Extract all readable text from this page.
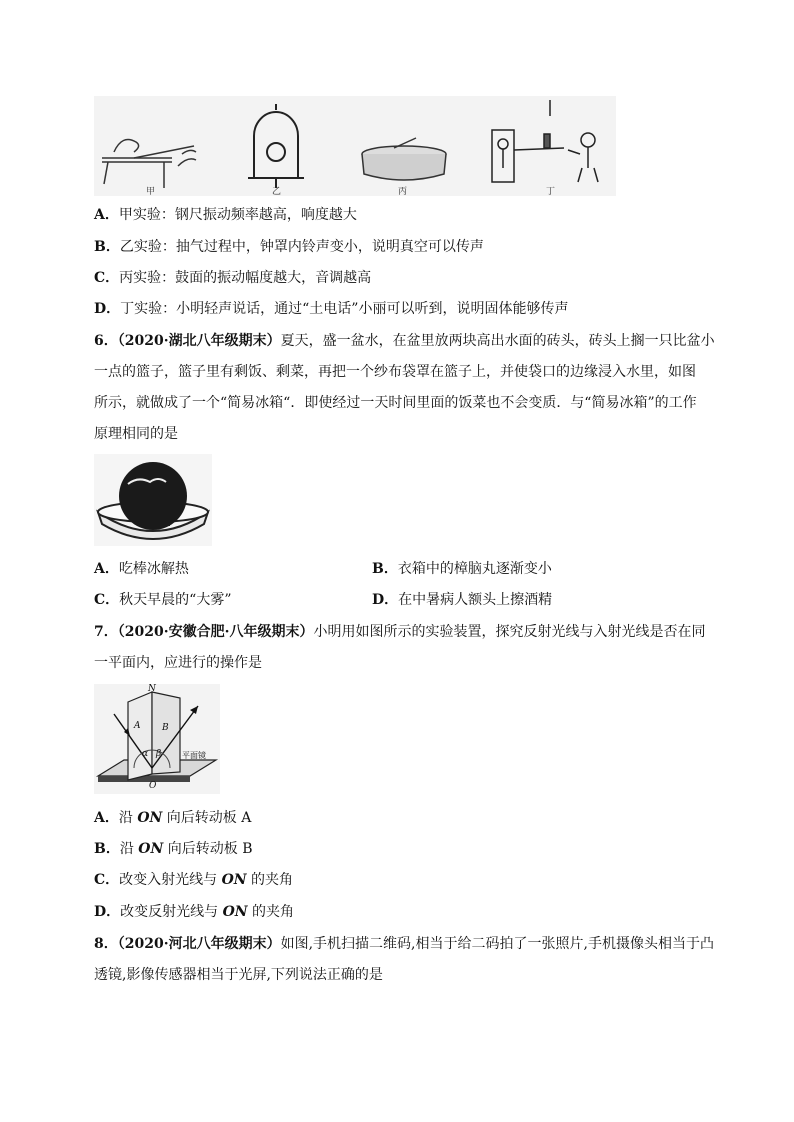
甲	乙	丙	丁
A．甲实验：钢尺振动频率越高，响度越大
B．乙实验：抽气过程中，钟罩内铃声变小，说明真空可以传声
C．丙实验：鼓面的振动幅度越大，音调越高
D．丁实验：小明轻声说话，通过“土电话”小丽可以听到，说明固体能够传声
6．（2020·湖北八年级期末）夏天，盛一盆水，在盆里放两块高出水面的砖头，砖头上搁一只比盆小
一点的篮子，篮子里有剩饭、剩菜，再把一个纱布袋罩在篮子上，并使袋口的边缘浸入水里，如图
所示，就做成了一个“简易冰箱“．即使经过一天时间里面的饭菜也不会变质．与“简易冰箱”的工作
原理相同的是
A．吃棒冰解热	B．衣箱中的樟脑丸逐渐变小
C．秋天早晨的“大雾”	D．在中暑病人额头上擦酒精
7．（2020·安徽合肥·八年级期末）小明用如图所示的实验装置，探究反射光线与入射光线是否在同
一平面内，应进行的操作是
N
A B
α β
O
平面镜
A．沿 ON 向后转动板 A
B．沿 ON 向后转动板 B
C．改变入射光线与 ON 的夹角
D．改变反射光线与 ON 的夹角
8．（2020·河北八年级期末）如图,手机扫描二维码,相当于给二码拍了一张照片,手机摄像头相当于凸
透镜,影像传感器相当于光屏,下列说法正确的是
